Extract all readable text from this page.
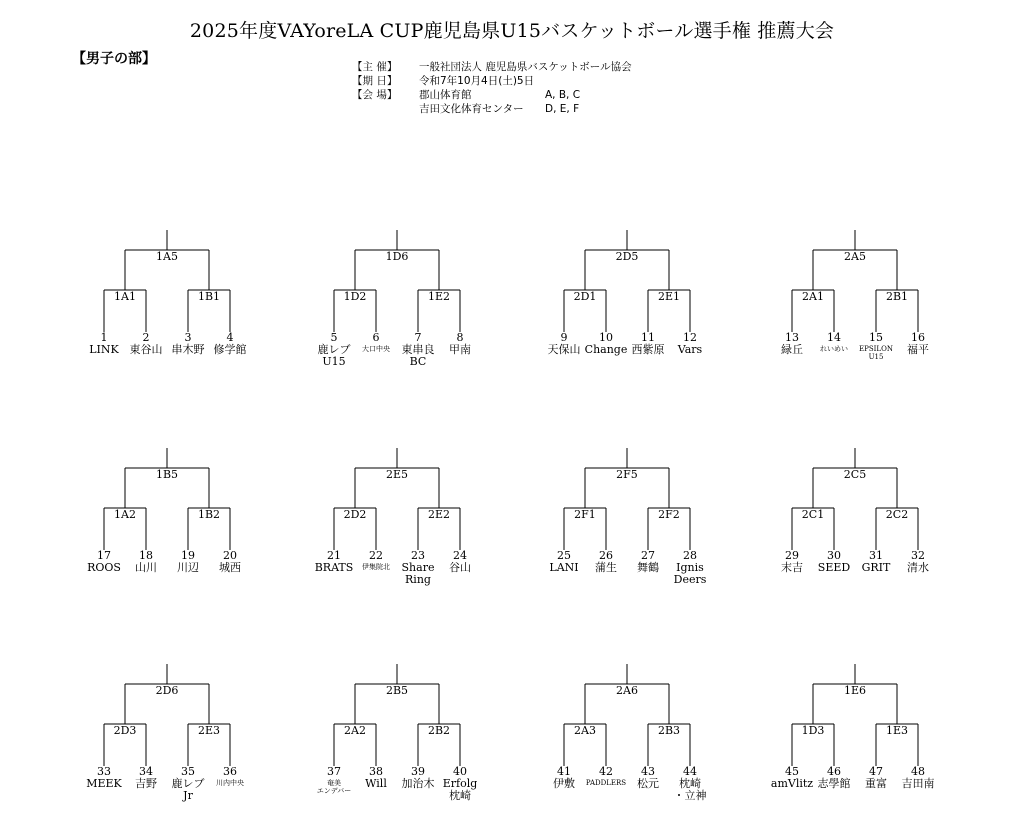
2025年度VAYoreLA CUP鹿児島県U15バスケットボール選手権 推薦大会
【男子の部】	【主 催】 一般社団法人 鹿児島県バスケットボール協会
【期 日】 令和7年10月4日(土)5日
【会 場】 郡山体育館	A, B, C
吉田文化体育センター D, E, F
1A5
1A1	1B1
1
LINK
2
東谷山
3
串木野
4
修学館
1D6
1D2	1E2
5
鹿レブ
U15
6
大口中央
7
東串良
BC
8
甲南
2D5
2D1	2E1
9
天保山
10
Change
11
西紫原
12
Vars
2A5
2A1	2B1
13
緑丘
14
れいめい
15
EPSILON
U15
16
福平
1B5
1A2	1B2
17
ROOS
18
山川
19
川辺
20
城西
2E5
2D2	2E2
21
BRATS
22
伊集院北
23
Share
Ring
24
谷山
2F5
2F1	2F2
25
LANI
26
蒲生
27
舞鶴
28
Ignis
Deers
2C5
2C1	2C2
29
末吉
30
SEED
31
GRIT
32
清水
2D6
2D3	2E3
33
MEEK
34
吉野
35
鹿レブ
Jr
36
川内中央
2B5
2A2	2B2
37
奄美
エンデバー
38
Will
39
加治木
40
Erfolg
枕崎
2A6
2A3	2B3
41
伊敷
42
PADDLERS
43
松元
44
枕崎
・立神
1E6
1D3	1E3
45
amVlitz
46
志學館
47
重富
48
吉田南
